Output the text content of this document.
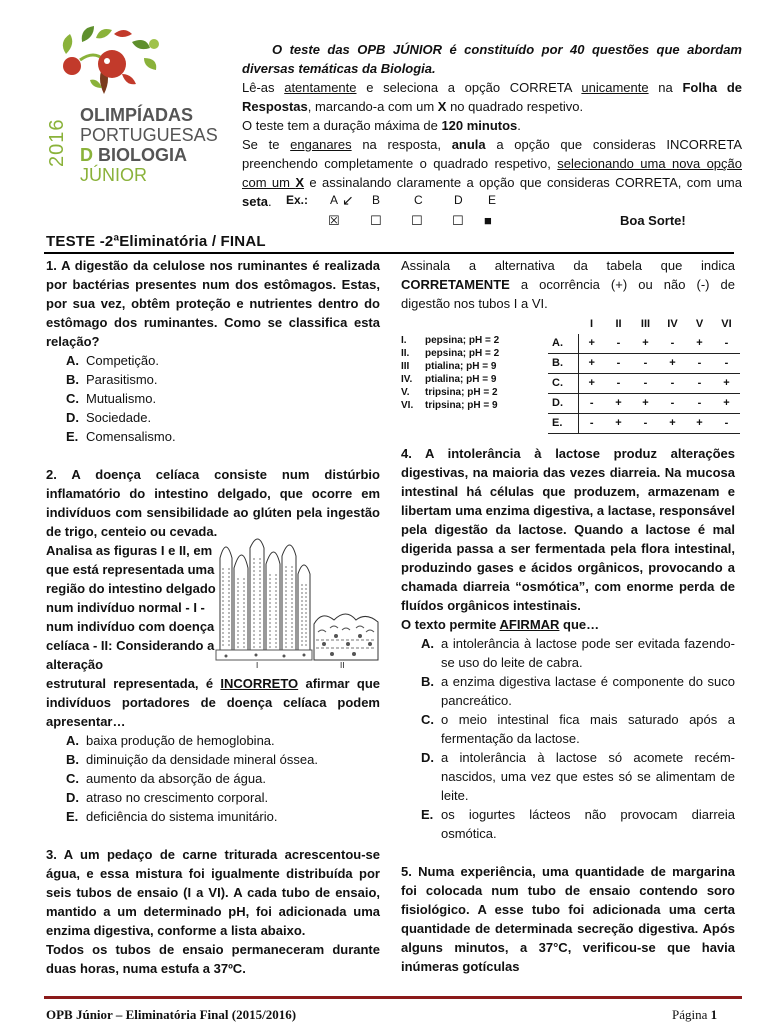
2016
OLIMPÍADAS
PORTUGUESAS
D BIOLOGIA
JÚNIOR

O teste das OPB JÚNIOR é constituído por 40 questões que abordam diversas temáticas da Biologia.

Lê-as atentamente e seleciona a opção CORRETA unicamente na Folha de Respostas, marcando-a com um X no quadrado respetivo.

O teste tem a duração máxima de 120 minutos.

Se te enganares na resposta, anula a opção que consideras INCORRETA preenchendo completamente o quadrado respetivo, selecionando uma nova opção com um X e assinalando claramente a opção que consideras CORRETA, com uma seta.	Ex.: A ↙ B	C	D E
☒ ☐ ☐ ☐ ■	Boa Sorte!
TESTE -2ªEliminatória / FINAL

1. A digestão da celulose nos ruminantes é realizada por bactérias presentes num dos estômagos. Estas, por sua vez, obtêm proteção e nutrientes dentro do estômago dos ruminantes. Como se classifica esta relação?

A. Competição.
B. Parasitismo.
C. Mutualismo.
D. Sociedade.
E. Comensalismo.

2. A doença celíaca consiste num distúrbio inflamatório do intestino delgado, que ocorre em indivíduos com sensibilidade ao glúten pela ingestão de trigo, centeio ou cevada.

Analisa as figuras I e II, em que está representada uma região do intestino delgado num indivíduo normal - I - num indivíduo com doença celíaca - II: Considerando a alteração

estrutural representada, é INCORRETO afirmar que indivíduos portadores de doença celíaca podem apresentar…

A. baixa produção de hemoglobina.
B. diminuição da densidade mineral óssea.
C. aumento da absorção de água.
D. atraso no crescimento corporal.
E. deficiência do sistema imunitário.

3. A um pedaço de carne triturada acrescentou-se água, e essa mistura foi igualmente distribuída por seis tubos de ensaio (I a VI). A cada tubo de ensaio, mantido a um determinado pH, foi adicionada uma enzima digestiva, conforme a lista abaixo.

Todos os tubos de ensaio permaneceram durante duas horas, numa estufa a 37ºC.

I	II

Assinala a alternativa da tabela que indica CORRETAMENTE a ocorrência (+) ou não (-) de digestão nos tubos I a VI.

4. A intolerância à lactose produz alterações digestivas, na maioria das vezes diarreia. Na mucosa intestinal há células que produzem, armazenam e libertam uma enzima digestiva, a lactase, responsável pela digestão da lactose. Quando a lactose é mal digerida passa a ser fermentada pela flora intestinal, produzindo gases e ácidos orgânicos, provocando a chamada diarreia “osmótica”, com enorme perda de fluídos orgânicos intestinais.

O texto permite AFIRMAR que…

A. a intolerância à lactose pode ser evitada fazendo-se uso do leite de cabra.
B. a enzima digestiva lactase é componente do suco pancreático.
C. o meio intestinal fica mais saturado após a fermentação da lactose.
D. a intolerância à lactose só acomete recém-nascidos, uma vez que estes só se alimentam de leite.
E. os iogurtes lácteos não provocam diarreia osmótica.

5. Numa experiência, uma quantidade de margarina foi colocada num tubo de ensaio contendo soro fisiológico. A esse tubo foi adicionada uma certa quantidade de determinada secreção digestiva. Após alguns minutos, a 37°C, verificou-se que havia inúmeras gotículas

I. pepsina; pH = 2
II. pepsina; pH = 2
III ptialina; pH = 9
IV. ptialina; pH = 9
V. tripsina; pH = 2
VI. tripsina; pH = 9
	I	II	III	IV	V	VI
A.	+	-	+	-	+	-
B.	+	-	-	+	-	-
C.	+	-	-	-	-	+
D.	-	+	+	-	-	+
E.	-	+	-	+	+	-
OPB Júnior – Eliminatória Final (2015/2016)	Página 1
